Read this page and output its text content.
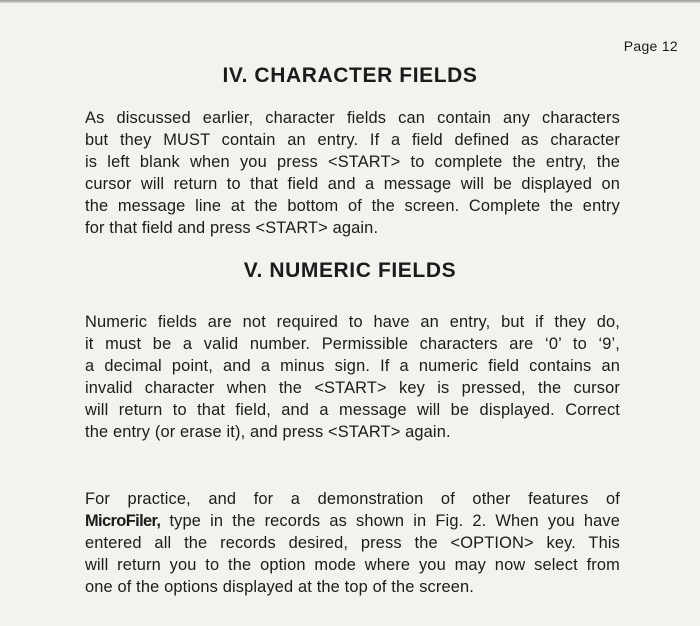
Page 12
IV. CHARACTER FIELDS
As discussed earlier, character fields can contain any characters
but they MUST contain an entry. If a field defined as character
is left blank when you press <START> to complete the entry, the
cursor will return to that field and a message will be displayed on
the message line at the bottom of the screen. Complete the entry
for that field and press <START> again.
V. NUMERIC FIELDS
Numeric fields are not required to have an entry, but if they do,
it must be a valid number. Permissible characters are ‘0’ to ‘9’,
a decimal point, and a minus sign. If a numeric field contains an
invalid character when the <START> key is pressed, the cursor
will return to that field, and a message will be displayed. Correct
the entry (or erase it), and press <START> again.
For practice, and for a demonstration of other features of
MicroFiler, type in the records as shown in Fig. 2. When you have
entered all the records desired, press the <OPTION> key. This
will return you to the option mode where you may now select from
one of the options displayed at the top of the screen.
